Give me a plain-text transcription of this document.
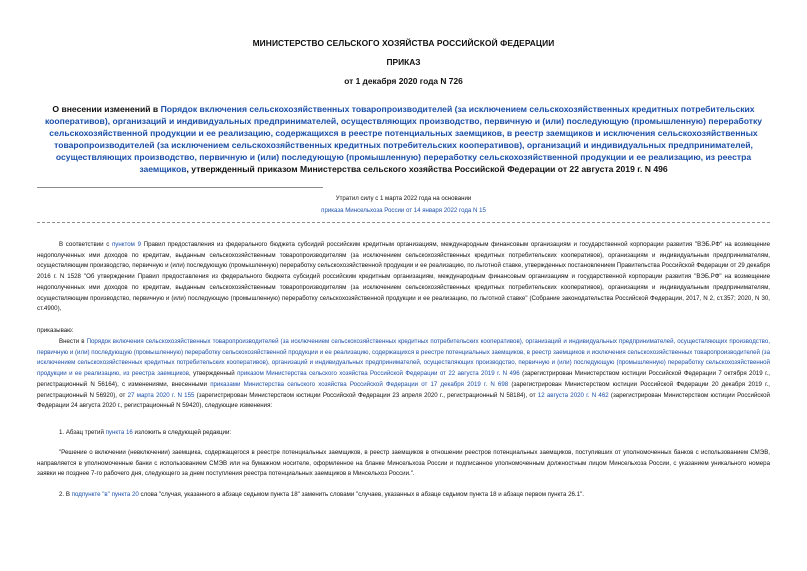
МИНИСТЕРСТВО СЕЛЬСКОГО ХОЗЯЙСТВА РОССИЙСКОЙ ФЕДЕРАЦИИ
ПРИКАЗ
от 1 декабря 2020 года N 726
О внесении изменений в Порядок включения сельскохозяйственных товаропроизводителей (за исключением сельскохозяйственных кредитных потребительских кооперативов), организаций и индивидуальных предпринимателей, осуществляющих производство, первичную и (или) последующую (промышленную) переработку сельскохозяйственной продукции и ее реализацию, содержащихся в реестре потенциальных заемщиков, в реестр заемщиков и исключения сельскохозяйственных товаропроизводителей (за исключением сельскохозяйственных кредитных потребительских кооперативов), организаций и индивидуальных предпринимателей, осуществляющих производство, первичную и (или) последующую (промышленную) переработку сельскохозяйственной продукции и ее реализацию, из реестра заемщиков, утвержденный приказом Министерства сельского хозяйства Российской Федерации от 22 августа 2019 г. N 496
Утратил силу с 1 марта 2022 года на основании
приказа Минсельхоза России от 14 января 2022 года N 15
В соответствии с пунктом 9 Правил предоставления из федерального бюджета субсидий российским кредитным организациям, международным финансовым организациям и государственной корпорации развития "ВЭБ.РФ" на возмещение недополученных ими доходов по кредитам, выданным сельскохозяйственным товаропроизводителям (за исключением сельскохозяйственных кредитных потребительских кооперативов), организациям и индивидуальным предпринимателям, осуществляющим производство, первичную и (или) последующую (промышленную) переработку сельскохозяйственной продукции и ее реализацию, по льготной ставке, утвержденных постановлением Правительства Российской Федерации от 29 декабря 2016 г. N 1528 "Об утверждении Правил предоставления из федерального бюджета субсидий российским кредитным организациям, международным финансовым организациям и государственной корпорации развития "ВЭБ.РФ" на возмещение недополученных ими доходов по кредитам, выданным сельскохозяйственным товаропроизводителям (за исключением сельскохозяйственных кредитных потребительских кооперативов), организациям и индивидуальным предпринимателям, осуществляющим производство, первичную и (или) последующую (промышленную) переработку сельскохозяйственной продукции и ее реализацию, по льготной ставке" (Собрание законодательства Российской Федерации, 2017, N 2, ст.357; 2020, N 30, ст.4900),
приказываю:
Внести в Порядок включения сельскохозяйственных товаропроизводителей (за исключением сельскохозяйственных кредитных потребительских кооперативов), организаций и индивидуальных предпринимателей, осуществляющих производство, первичную и (или) последующую (промышленную) переработку сельскохозяйственной продукции и ее реализацию, содержащихся в реестре потенциальных заемщиков, в реестр заемщиков и исключения сельскохозяйственных товаропроизводителей (за исключением сельскохозяйственных кредитных потребительских кооперативов), организаций и индивидуальных предпринимателей, осуществляющих производство, первичную и (или) последующую (промышленную) переработку сельскохозяйственной продукции и ее реализацию, из реестра заемщиков, утвержденный приказом Министерства сельского хозяйства Российской Федерации от 22 августа 2019 г. N 496 (зарегистрирован Министерством юстиции Российской Федерации 7 октября 2019 г., регистрационный N 56164), с изменениями, внесенными приказами Министерства сельского хозяйства Российской Федерации от 17 декабря 2019 г. N 698 (зарегистрирован Министерством юстиции Российской Федерации 20 декабря 2019 г., регистрационный N 56920), от 27 марта 2020 г. N 155 (зарегистрирован Министерством юстиции Российской Федерации 23 апреля 2020 г., регистрационный N 58184), от 12 августа 2020 г. N 462 (зарегистрирован Министерством юстиции Российской Федерации 24 августа 2020 г., регистрационный N 59420), следующие изменения:
1. Абзац третий пункта 16 изложить в следующей редакции:
"Решение о включении (невключении) заемщика, содержащегося в реестре потенциальных заемщиков, в реестр заемщиков в отношении реестров потенциальных заемщиков, поступивших от уполномоченных банков с использованием СМЭВ, направляется в уполномоченные банки с использованием СМЭВ или на бумажном носителе, оформленное на бланке Минсельхоза России и подписанное уполномоченным должностным лицом Минсельхоза России, с указанием уникального номера заявки не позднее 7-го рабочего дня, следующего за днем поступления реестра потенциальных заемщиков в Минсельхоз России.".
2. В подпункте "в" пункта 20 слова "случая, указанного в абзаце седьмом пункта 18" заменить словами "случаев, указанных в абзаце седьмом пункта 18 и абзаце первом пункта 26.1".
